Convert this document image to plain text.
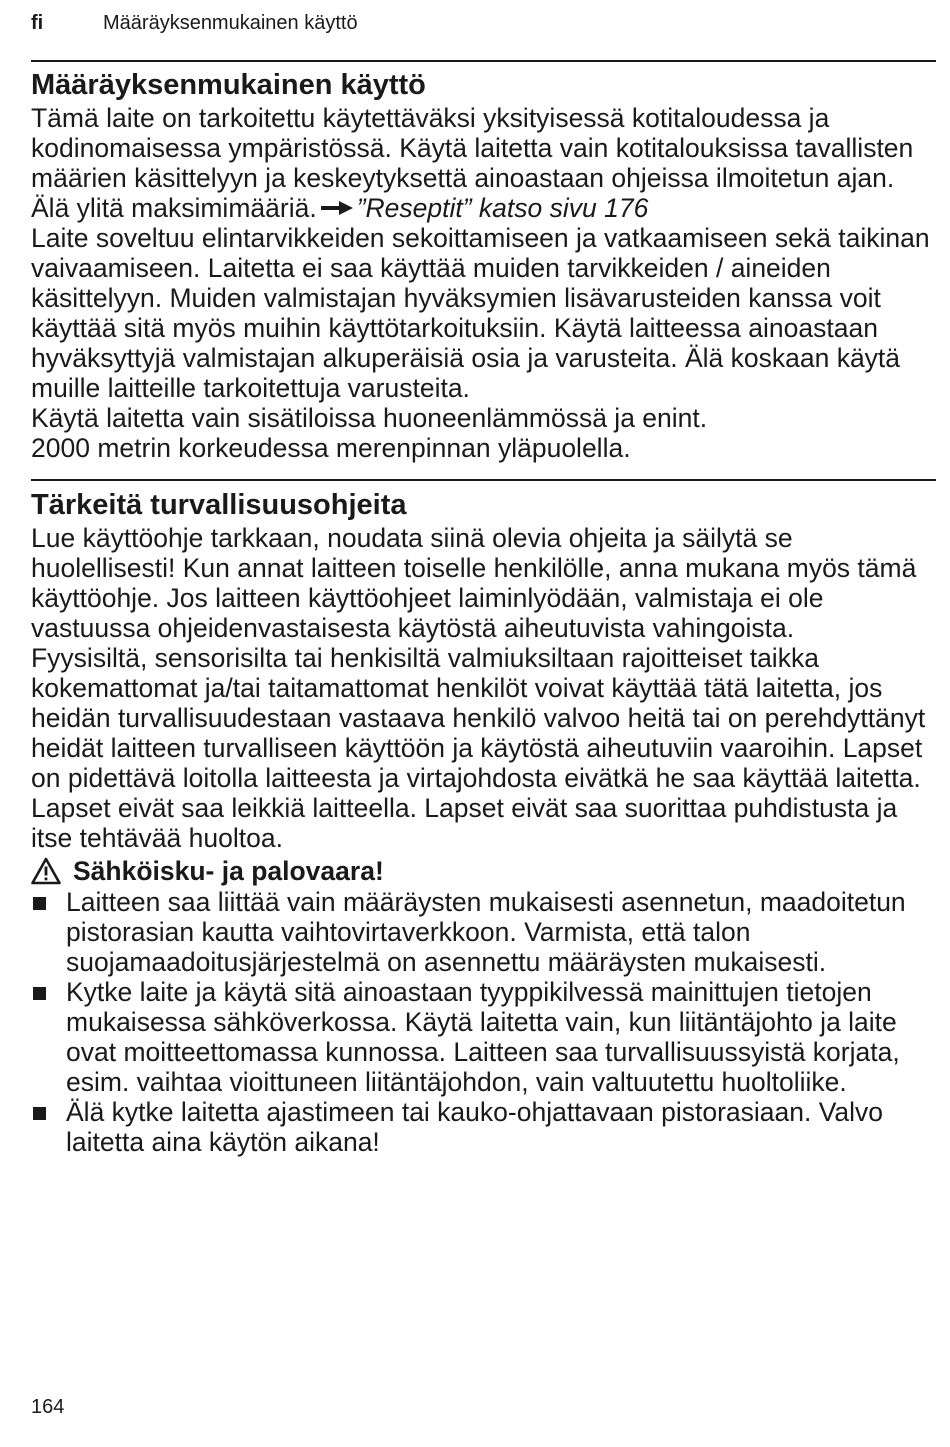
fi	Määräyksenmukainen käyttö
Määräyksenmukainen käyttö

Tämä laite on tarkoitettu käytettäväksi yksityisessä kotitaloudessa ja kodinomaisessa ympäristössä. Käytä laitetta vain kotitalouksissa tavallisten määrien käsittelyyn ja keskeytyksettä ainoastaan ohjeissa ilmoitetun ajan. Älä ylitä maksimimääriä. ”Reseptit” katso sivu 176

Laite soveltuu elintarvikkeiden sekoittamiseen ja vatkaamiseen sekä taikinan vaivaamiseen. Laitetta ei saa käyttää muiden tarvikkeiden / aineiden käsittelyyn. Muiden valmistajan hyväksymien lisävarusteiden kanssa voit käyttää sitä myös muihin käyttötarkoituksiin. Käytä laitteessa ainoastaan hyväksyttyjä valmistajan alkuperäisiä osia ja varusteita. Älä koskaan käytä muille laitteille tarkoitettuja varusteita.

Käytä laitetta vain sisätiloissa huoneenlämmössä ja enint.

2000 metrin korkeudessa merenpinnan yläpuolella.

Tärkeitä turvallisuusohjeita

Lue käyttöohje tarkkaan, noudata siinä olevia ohjeita ja säilytä se huolellisesti! Kun annat laitteen toiselle henkilölle, anna mukana myös tämä käyttöohje. Jos laitteen käyttöohjeet laiminlyödään, valmistaja ei ole vastuussa ohjeidenvastaisesta käytöstä aiheutuvista vahingoista.

Fyysisiltä, sensorisilta tai henkisiltä valmiuksiltaan rajoitteiset taikka kokemattomat ja/tai taitamattomat henkilöt voivat käyttää tätä laitetta, jos heidän turvallisuudestaan vastaava henkilö valvoo heitä tai on perehdyttänyt heidät laitteen turvalliseen käyttöön ja käytöstä aiheutuviin vaaroihin. Lapset on pidettävä loitolla laitteesta ja virtajohdosta eivätkä he saa käyttää laitetta. Lapset eivät saa leikkiä laitteella. Lapset eivät saa suorittaa puhdistusta ja itse tehtävää huoltoa.

Sähköisku- ja palovaara!
Laitteen saa liittää vain määräysten mukaisesti asennetun, maadoitetun pistorasian kautta vaihtovirtaverkkoon. Varmista, että talon suojamaadoitusjärjestelmä on asennettu määräysten mukaisesti.
Kytke laite ja käytä sitä ainoastaan tyyppikilvessä mainittujen tietojen mukaisessa sähköverkossa. Käytä laitetta vain, kun liitäntäjohto ja laite ovat moitteettomassa kunnossa. Laitteen saa turvallisuussyistä korjata, esim. vaihtaa vioittuneen liitäntäjohdon, vain valtuutettu huoltoliike.
Älä kytke laitetta ajastimeen tai kauko-ohjattavaan pistorasiaan. Valvo laitetta aina käytön aikana!
164
